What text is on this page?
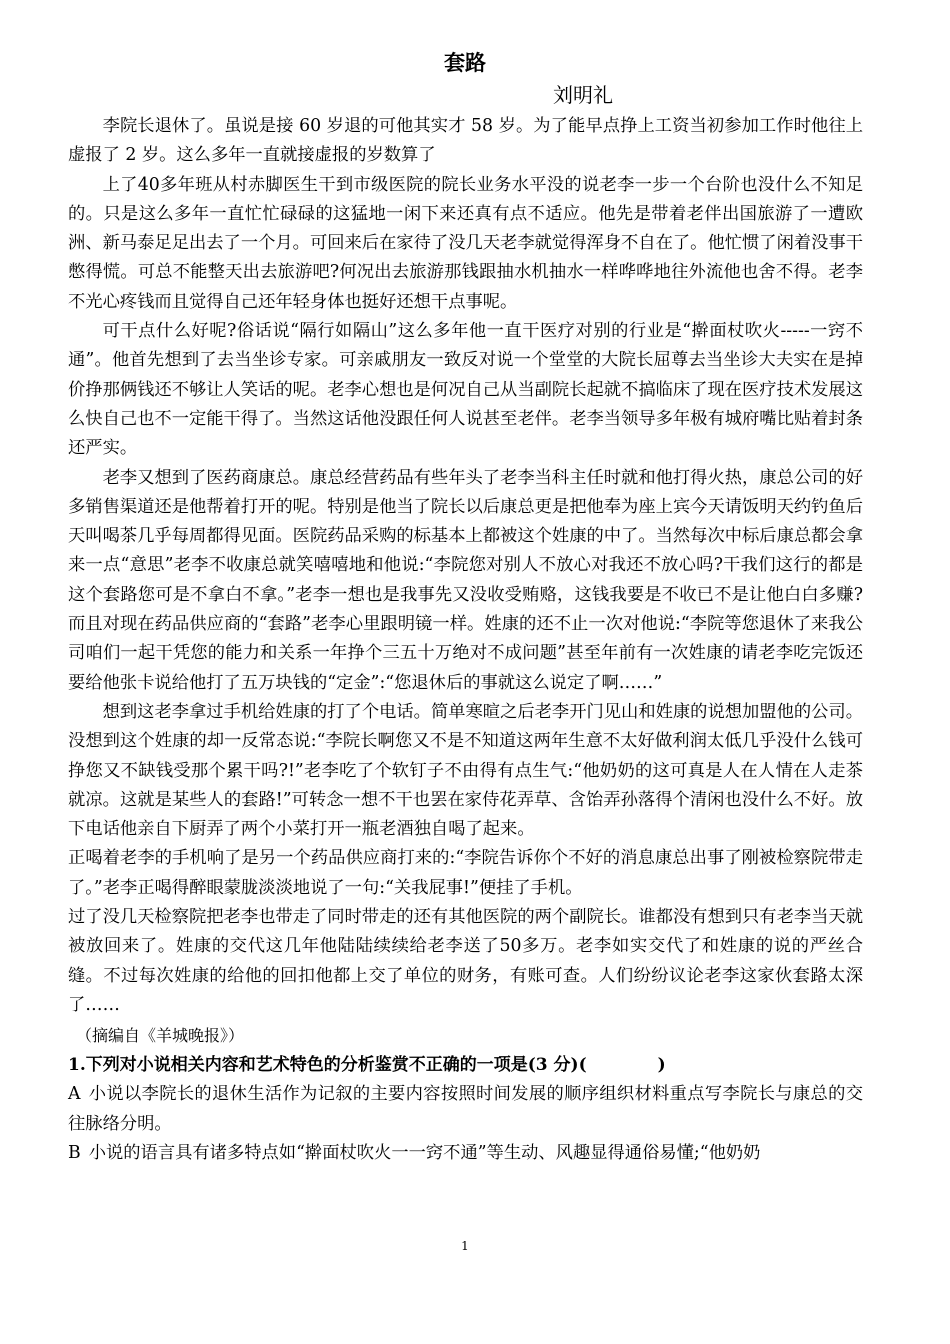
套路
刘明礼

李院长退休了。虽说是接 60 岁退的可他其实才 58 岁。为了能早点挣上工资当初参加工作时他往上虚报了 2 岁。这么多年一直就接虚报的岁数算了

上了40多年班从村赤脚医生干到市级医院的院长业务水平没的说老李一步一个台阶也没什么不知足的。只是这么多年一直忙忙碌碌的这猛地一闲下来还真有点不适应。他先是带着老伴出国旅游了一遭欧洲、新马泰足足出去了一个月。可回来后在家待了没几天老李就觉得浑身不自在了。他忙惯了闲着没事干憋得慌。可总不能整天出去旅游吧?何况出去旅游那钱跟抽水机抽水一样哗哗地往外流他也舍不得。老李不光心疼钱而且觉得自己还年轻身体也挺好还想干点事呢。

可干点什么好呢?俗话说“隔行如隔山”这么多年他一直干医疗对别的行业是“擀面杖吹火-----一窍不通”。他首先想到了去当坐诊专家。可亲戚朋友一致反对说一个堂堂的大院长屈尊去当坐诊大夫实在是掉价挣那俩钱还不够让人笑话的呢。老李心想也是何况自己从当副院长起就不搞临床了现在医疗技术发展这么快自己也不一定能干得了。当然这话他没跟任何人说甚至老伴。老李当领导多年极有城府嘴比贴着封条还严实。

老李又想到了医药商康总。康总经营药品有些年头了老李当科主任时就和他打得火热，康总公司的好多销售渠道还是他帮着打开的呢。特别是他当了院长以后康总更是把他奉为座上宾今天请饭明天约钓鱼后天叫喝茶几乎每周都得见面。医院药品采购的标基本上都被这个姓康的中了。当然每次中标后康总都会拿来一点“意思”老李不收康总就笑嘻嘻地和他说:“李院您对别人不放心对我还不放心吗?干我们这行的都是这个套路您可是不拿白不拿。”老李一想也是我事先又没收受贿赂，这钱我要是不收已不是让他白白多赚?而且对现在药品供应商的“套路”老李心里跟明镜一样。姓康的还不止一次对他说:“李院等您退休了来我公司咱们一起干凭您的能力和关系一年挣个三五十万绝对不成问题”甚至年前有一次姓康的请老李吃完饭还要给他张卡说给他打了五万块钱的“定金”:“您退休后的事就这么说定了啊……”

想到这老李拿过手机给姓康的打了个电话。简单寒暄之后老李开门见山和姓康的说想加盟他的公司。没想到这个姓康的却一反常态说:“李院长啊您又不是不知道这两年生意不太好做利润太低几乎没什么钱可挣您又不缺钱受那个累干吗?!”老李吃了个软钉子不由得有点生气:“他奶奶的这可真是人在人情在人走茶就凉。这就是某些人的套路!”可转念一想不干也罢在家侍花弄草、含饴弄孙落得个清闲也没什么不好。放下电话他亲自下厨弄了两个小菜打开一瓶老酒独自喝了起来。

正喝着老李的手机响了是另一个药品供应商打来的:“李院告诉你个不好的消息康总出事了刚被检察院带走了。”老李正喝得醉眼蒙胧淡淡地说了一句:“关我屁事!”便挂了手机。

过了没几天检察院把老李也带走了同时带走的还有其他医院的两个副院长。谁都没有想到只有老李当天就被放回来了。姓康的交代这几年他陆陆续续给老李送了50多万。老李如实交代了和姓康的说的严丝合缝。不过每次姓康的给他的回扣他都上交了单位的财务，有账可查。人们纷纷议论老李这家伙套路太深了……

（摘编自《羊城晚报》）

1.下列对小说相关内容和艺术特色的分析鉴赏不正确的一项是(3 分)(	)

A 小说以李院长的退休生活作为记叙的主要内容按照时间发展的顺序组织材料重点写李院长与康总的交往脉络分明。

B 小说的语言具有诸多特点如“擀面杖吹火一一窍不通”等生动、风趣显得通俗易懂;“他奶奶

1
